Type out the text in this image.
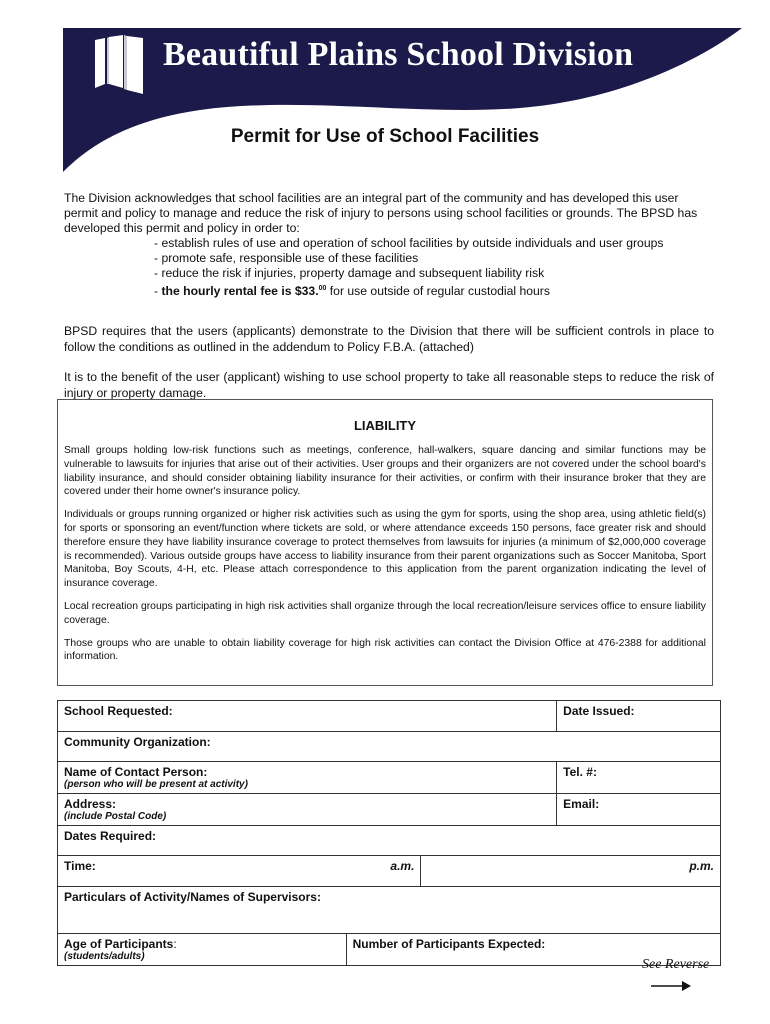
Beautiful Plains School Division
Permit for Use of School Facilities

The Division acknowledges that school facilities are an integral part of the community and has developed this user permit and policy to manage and reduce the risk of injury to persons using school facilities or grounds. The BPSD has developed this permit and policy in order to:

- establish rules of use and operation of school facilities by outside individuals and user groups
- promote safe, responsible use of these facilities
- reduce the risk if injuries, property damage and subsequent liability risk
- the hourly rental fee is $33.00 for use outside of regular custodial hours

BPSD requires that the users (applicants) demonstrate to the Division that there will be sufficient controls in place to follow the conditions as outlined in the addendum to Policy F.B.A. (attached)

It is to the benefit of the user (applicant) wishing to use school property to take all reasonable steps to reduce the risk of injury or property damage.

LIABILITY

Small groups holding low-risk functions such as meetings, conference, hall-walkers, square dancing and similar functions may be vulnerable to lawsuits for injuries that arise out of their activities. User groups and their organizers are not covered under the school board's liability insurance, and should consider obtaining liability insurance for their activities, or confirm with their insurance broker that they are covered under their home owner's insurance policy.

Individuals or groups running organized or higher risk activities such as using the gym for sports, using the shop area, using athletic field(s) for sports or sponsoring an event/function where tickets are sold, or where attendance exceeds 150 persons, face greater risk and should therefore ensure they have liability insurance coverage to protect themselves from lawsuits for injuries (a minimum of $2,000,000 coverage is recommended). Various outside groups have access to liability insurance from their parent organizations such as Soccer Manitoba, Sport Manitoba, Boy Scouts, 4-H, etc. Please attach correspondence to this application from the parent organization indicating the level of insurance coverage.

Local recreation groups participating in high risk activities shall organize through the local recreation/leisure services office to ensure liability coverage.

Those groups who are unable to obtain liability coverage for high risk activities can contact the Division Office at 476-2388 for additional information.

School Requested:			Date Issued:
Community Organization:			
Name of Contact Person:
(person who will be present at activity)			Tel. #:
Address:
(include Postal Code)			Email:
Dates Required:			
Time: a.m.		p.m.	
Particulars of Activity/Names of Supervisors:			
Age of Participants:
(students/adults)	Number of Participants Expected:		
See Reverse
